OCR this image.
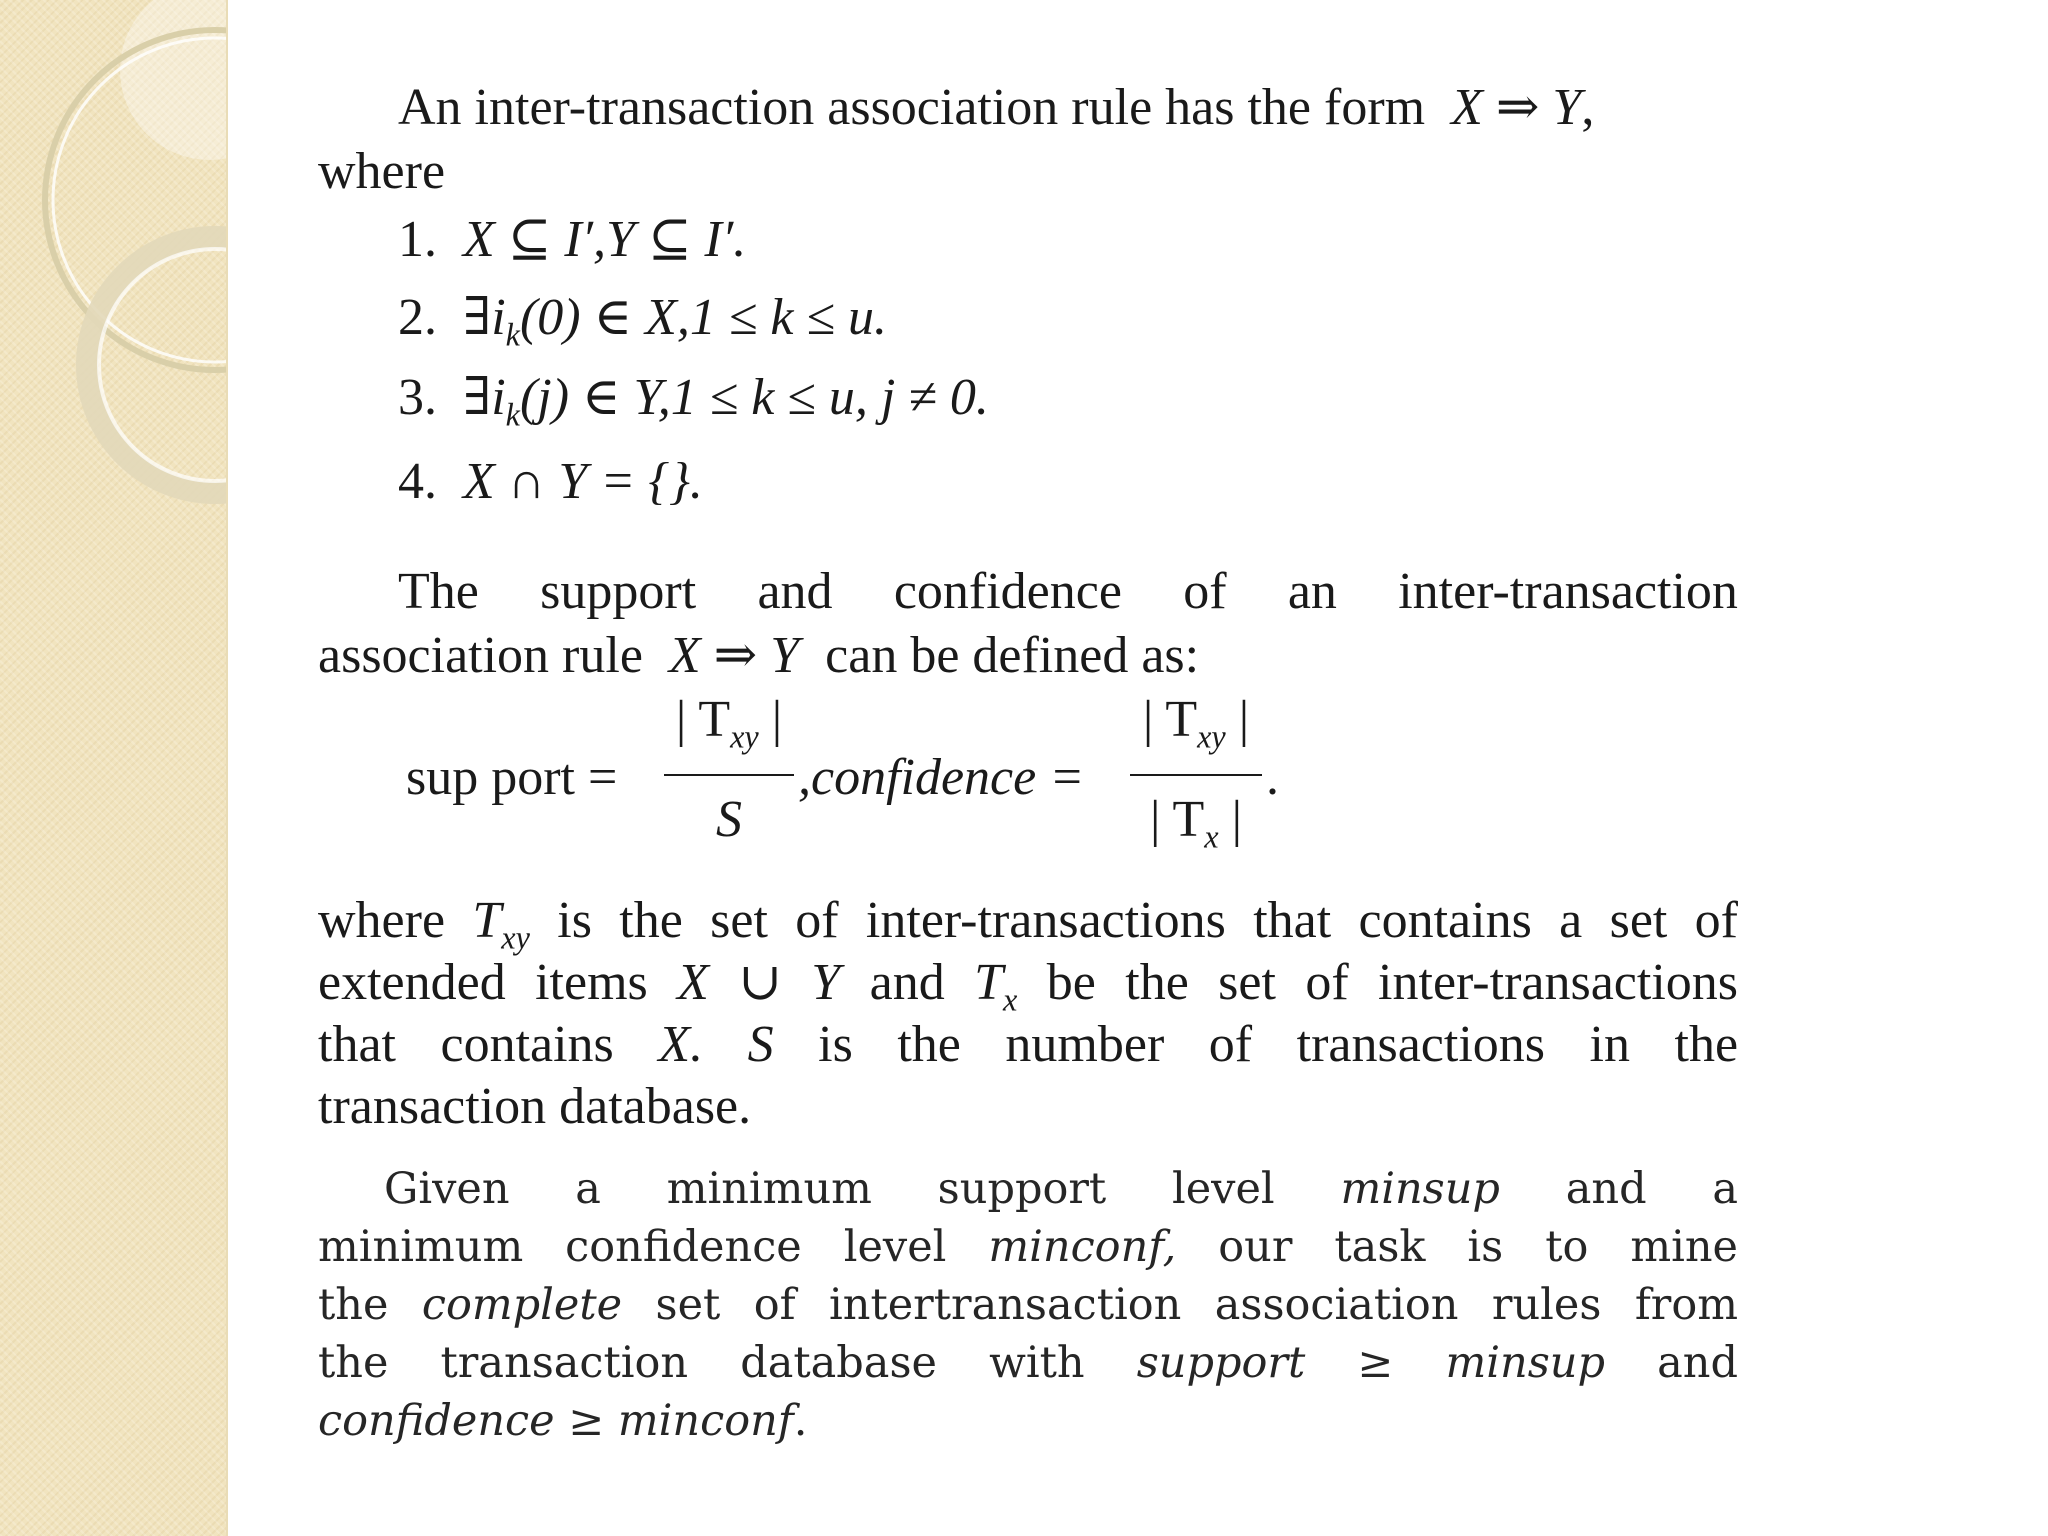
An inter-transaction association rule has the form X ⇒ Y,
where
1. X ⊆ I′,Y ⊆ I′.
2. $\exists i_k(0)$ ∈ X,1 ≤ k ≤ u.
3. $\exists i_k(j)$ ∈ Y,1 ≤ k ≤ u, j ≠ 0.
4. X ∩ Y = {}.
The support and confidence of an inter-transaction
association rule X ⇒ Y can be defined as:
sup port =
| $T_{xy}$ |
S
,confidence =
| $T_{xy}$ |
| $T_x$ |
.
where $T_{xy}$ is the set of inter-transactions that contains a set of
extended items X ∪ Y and $T_x$ be the set of inter-transactions
that contains X. S is the number of transactions in the
transaction database.
Given a minimum support level minsup and a
minimum confidence level minconf, our task is to mine
the complete set of intertransaction association rules from
the transaction database with support ≥ minsup and
confidence ≥ minconf.
